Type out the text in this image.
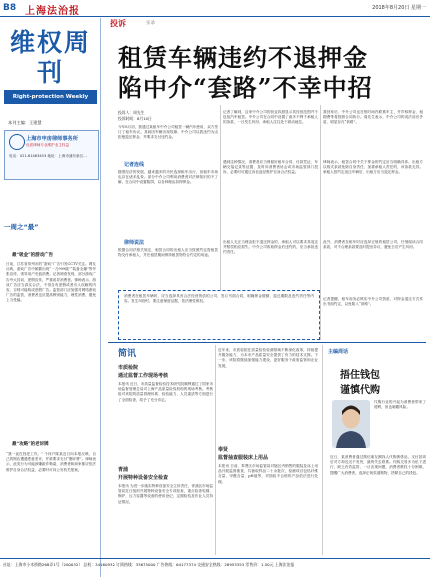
B8 上海法治报	2018年8月20日 星期一
维权周刊
Right-protection Weekly
本刊主编：王建慧
上海市申房律师事务所
优质律师专业维护业主权益
电话：021-61463453 地址：上海市浦东新区…
一周之“最”
最“吸金”的游戏广告
日前，江苏省常州市的“游戏”广告引发CCTV关注。网友反映，游戏广告中频繁出现“一刀999级”“装备全爆”等夸张宣传，诱导用户充值消费。记者调查发现，部分游戏广告夸大其词、虚假宣传，严重误导消费者。律师表示，游戏广告应当真实合法，不得含有虚假或者引人误解的内容，否则可能构成虚假广告。监管部门应加强对网络游戏广告的监管，消费者也应提高辨别能力，理性消费，避免上当受骗。
最“攻略”的老诉牌
“我一直在找老工作。” 个体户陈某近日向本报反映，自己的网店遭遇恶意差评，并被要求支付“删评费”。律师表示，此类行为可能涉嫌敲诈勒索，消费者和商家都应依法维护自身合法权益，必要时可向公安机关报案。
投诉	实录
租赁车辆违约不退押金
陷中介“套路”不幸中招
投诉人：周先生
投诉时间：8月10日
今年8月初，我通过某租车中介公司租赁一辆汽车使用，双方签订了租车协议。其间因车辆出现故障，中介公司以我违约为由拒绝退还押金，并要求支付违约金。
记者了解到，这家中介公司的营业执照显示其经营范围并不包括汽车租赁。中介公司在合同中设置了诸多不利于承租人的条款，一旦发生纠纷，承租人往往处于被动地位。
我回家后，中介公司也在短时间内联系车主，并声称押金、租期费等将按照合同执行。周先生表示，中介公司的说法前后矛盾，明显存在“套路”。
记者连线
随着经济的发展，越来越多的市民选择租车出行，但租车市场也存在诸多乱象。部分中介公司利用消费者对法律知识的不了解，在合同中设置陷阱，以各种理由扣押押金。
遇到这种情况，消费者应当保留好租车合同、付款凭证、车辆交接记录等证据，及时向消费者协会或市场监管部门投诉，必要时可通过诉讼途径维护自身合法权益。
律师表示，租赁合同中关于押金的约定应当明确具体。出租方以格式条款免除自身责任、加重承租人责任的，该条款无效。承租人按约定返还车辆后，出租方应当退还押金。
律师说法
根据合同法相关规定，租赁合同的出租人应当按照约定将租赁物交付承租人，并在租赁期间保持租赁物符合约定的用途。
出租人无正当理由拒不退还押金的，承租人可以要求其返还并赔偿相应损失。中介公司收取押金后违约的，应当承担违约责任。
此外，消费者在租车时应选择正规的租赁公司，仔细阅读合同条款，对不合理条款要及时提出异议，避免日后产生纠纷。
消费者在租赁车辆时，应当选择具有合法经营资质的公司，签订书面合同，明确押金数额、退还期限及违约责任等内容。发生纠纷时，要注意保留证据，依法理性维权。
记者提醒，租车前务必核实中介公司资质，对押金退还方式作出书面约定，以免陷入“套路”。
简讯
市质检院
通过监督工作现场考核
本报讯 近日，市质量监督检验技术研究院顺利通过了国家市场监督管理总局对上海产品质量检验机构的现场考核。考核组对该院的质量管理体系、检验能力、人员素质等方面进行了全面检查，给予了充分肯定。
青浦
开展特种设备安全检查
本报讯 为进一步落实特种设备安全主体责任，青浦区市场监管局近日组织开展特种设备安全专项检查，重点检查电梯、锅炉、压力容器等设备的使用登记、定期检验及作业人员持证情况。
近年来，市质检院在质量检验检测领域不断深化改革，持续提升服务能力，为本市产品质量安全提供了有力的技术支撑。下一步，该院将继续加强能力建设，更好服务于政府监管和企业发展。
奉贤
监督抽查服装床上用品
本报讯 日前，奉贤区市场监管局对辖区内销售的服装及床上用品开展监督抽查，共抽取样品二十余批次，检测项目包括纤维含量、甲醛含量、pH值等，对抽检不合格的产品依法进行处理。
主编周话
捂住钱包
谨慎代购
代购行业的兴起为消费者带来了便利，但也暗藏风险。
近日，某消费者通过微信朋友圈找人代购奢侈品，支付款项后对方却迟迟不发货，最终失去联系。代购交易多为私下进行，缺乏有效监管，一旦出现问题，消费者维权十分困难。提醒广大消费者，选择正规渠道购物，捂紧自己的钱包。
社址：上海市小木桥路268弄1号（200032） 总机：34160932 订阅热线：33675000 广告热线：64177374 交通安全热线：28953353 零售价：1.50元 上海法治报
